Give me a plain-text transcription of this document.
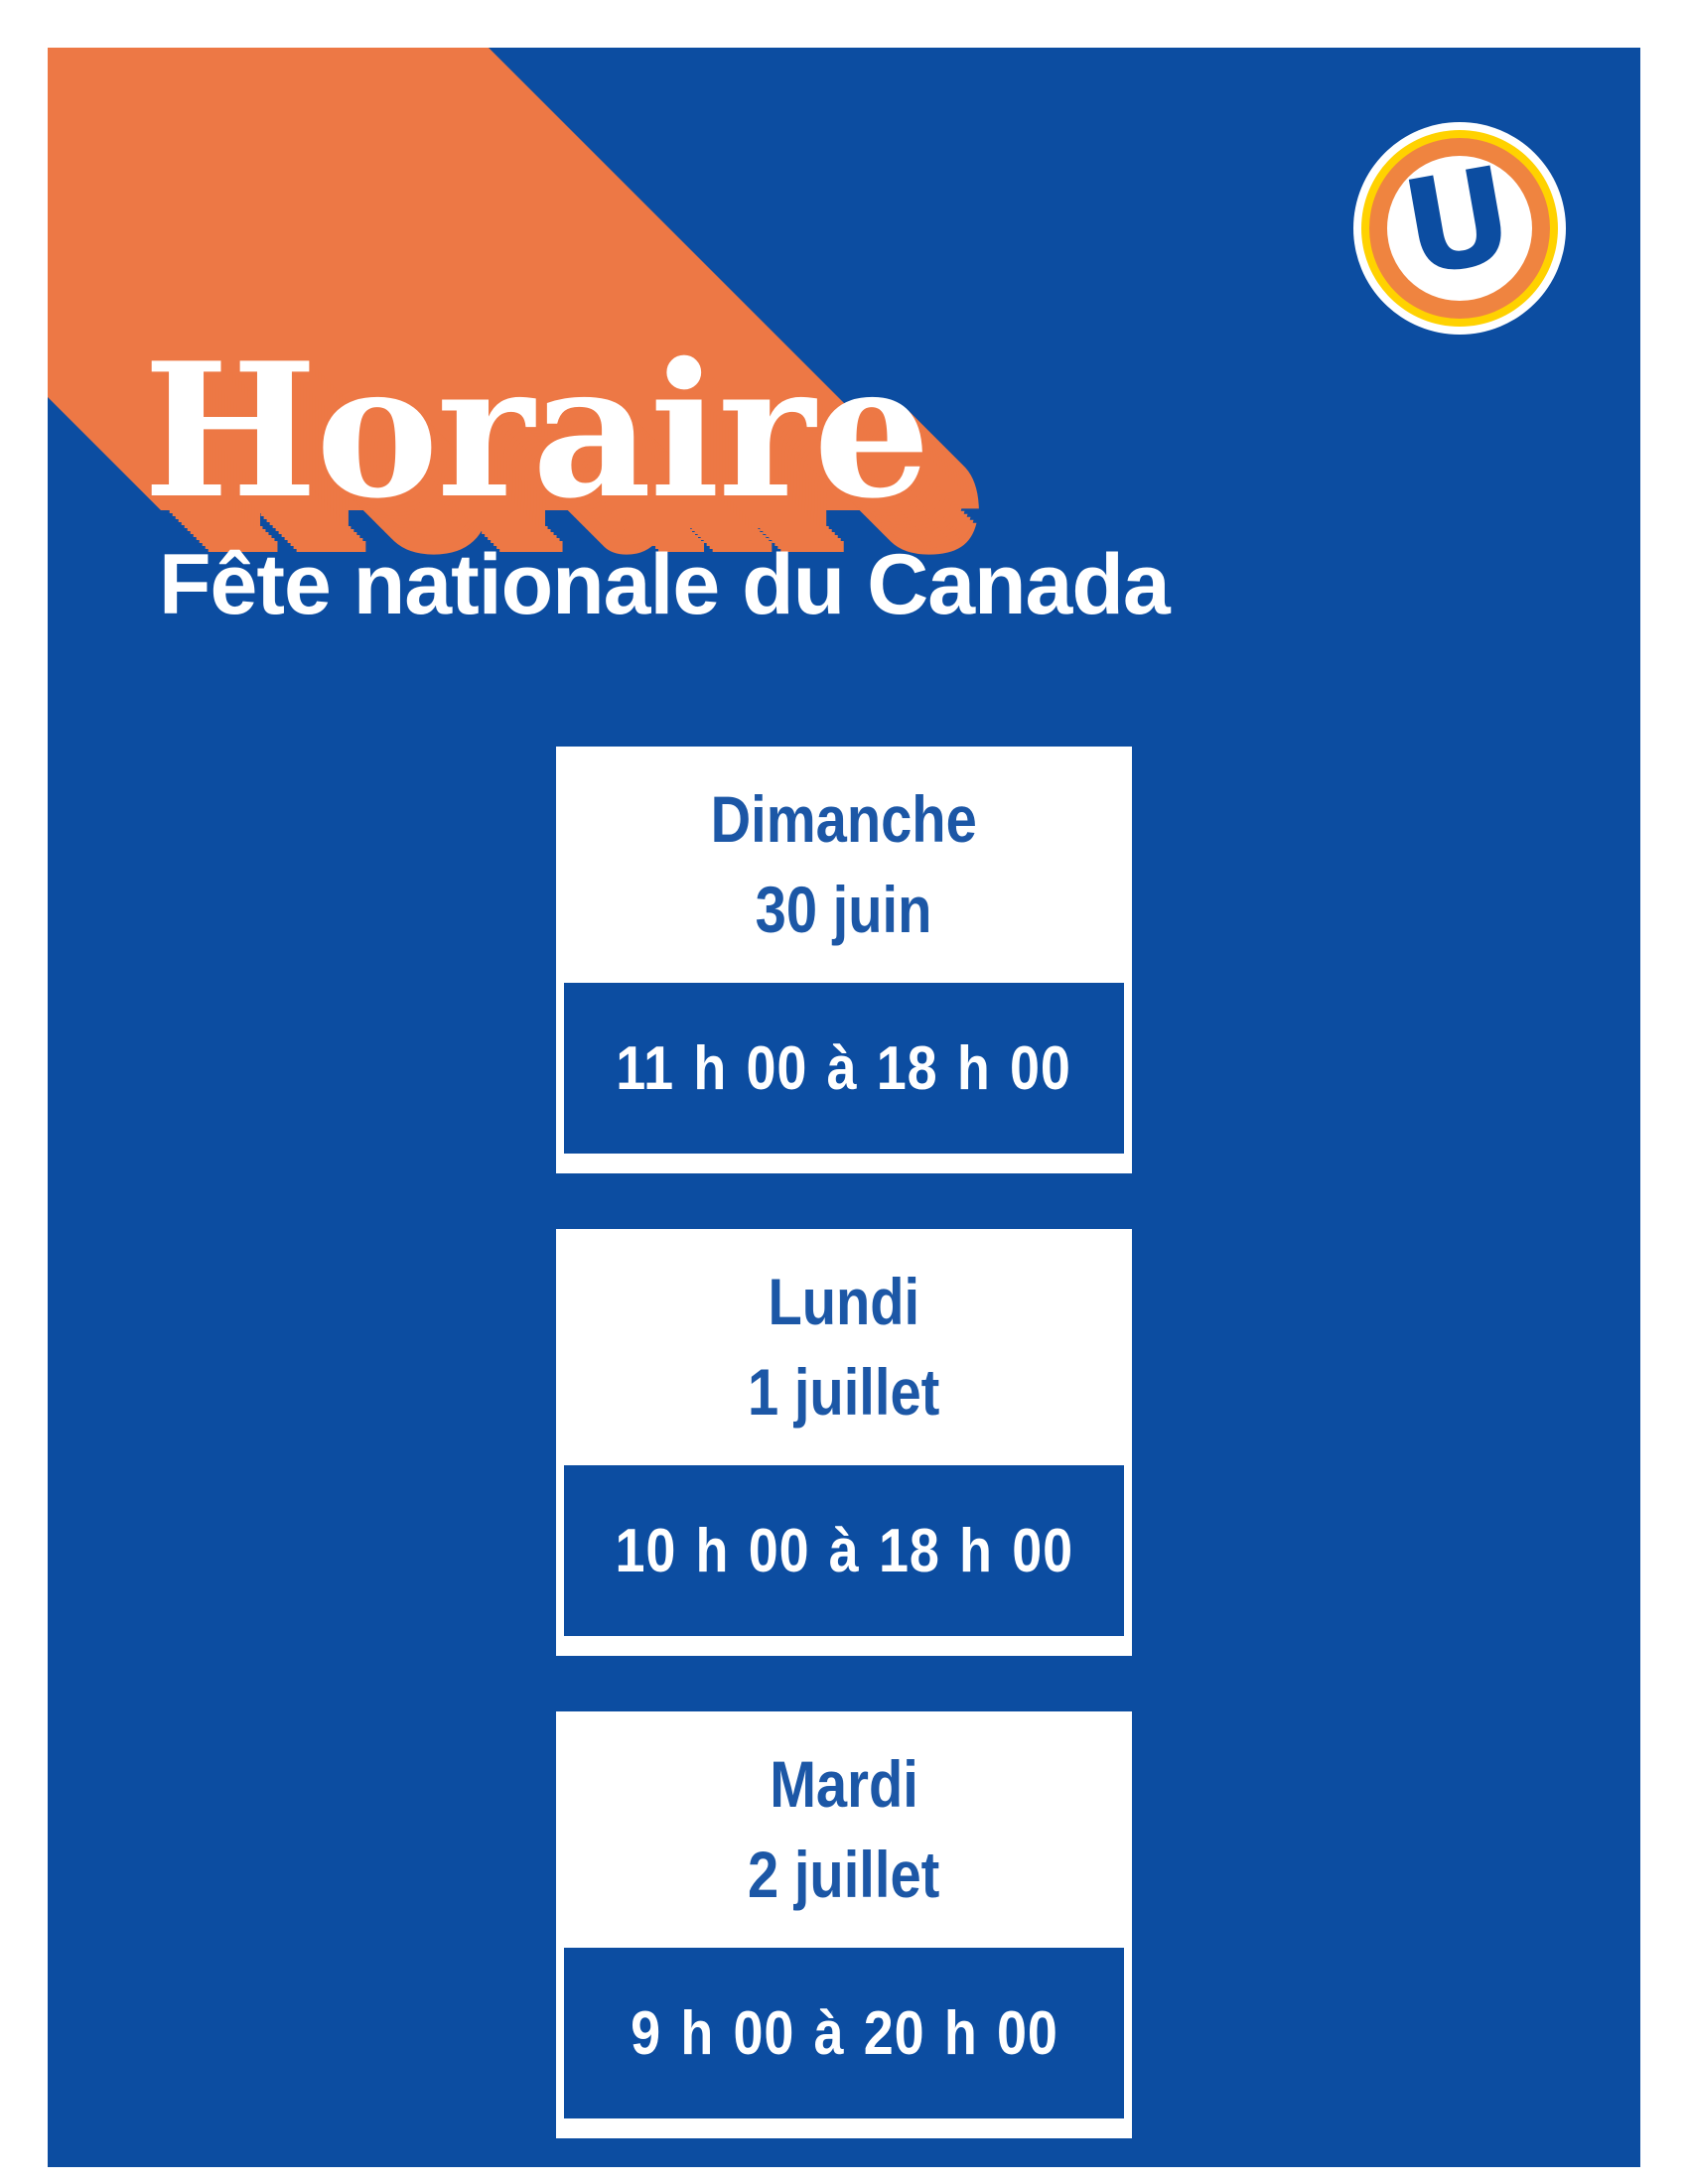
Horaire
Fête nationale du Canada
U
Dimanche
30 juin
11 h 00 à 18 h 00
Lundi
1 juillet
10 h 00 à 18 h 00
Mardi
2 juillet
9 h 00 à 20 h 00
